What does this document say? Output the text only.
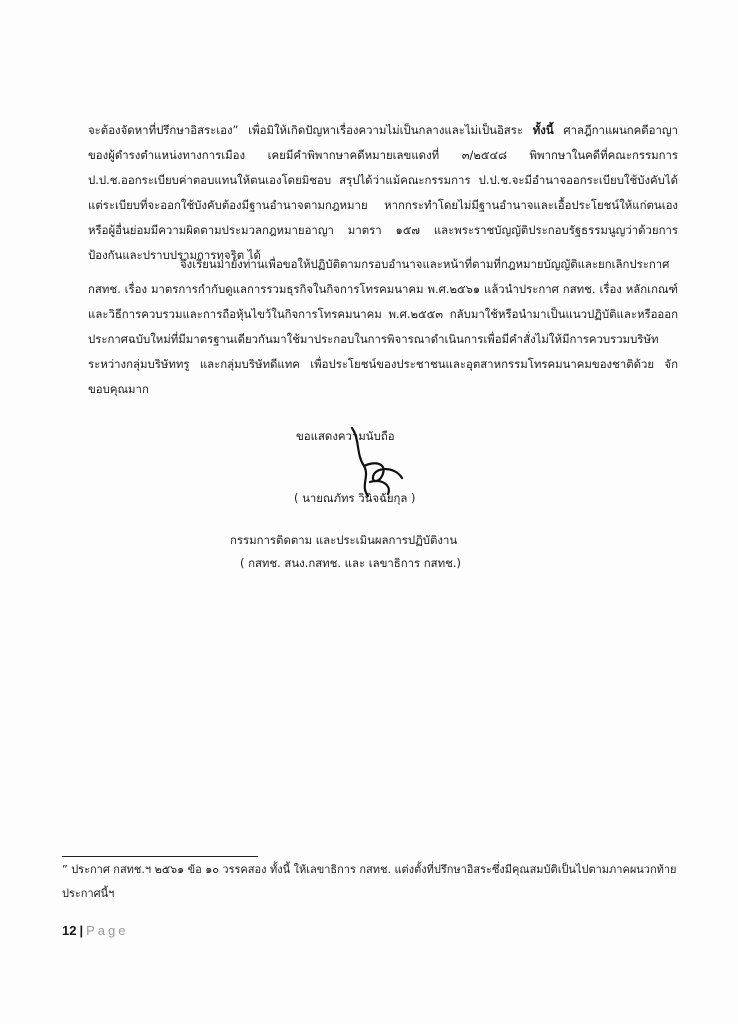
จะต้องจัดหาที่ปรึกษาอิสระเอง” เพื่อมิให้เกิดปัญหาเรื่องความไม่เป็นกลางและไม่เป็นอิสระ ทั้งนี้ ศาลฎีกาแผนกคดีอาญาของผู้ดำรงตำแหน่งทางการเมือง เคยมีคำพิพากษาคดีหมายเลขแดงที่ ๓/๒๕๔๘ พิพากษาในคดีที่คณะกรรมการ ป.ป.ช.ออกระเบียบค่าตอบแทนให้ตนเองโดยมิชอบ สรุปได้ว่าแม้คณะกรรมการ ป.ป.ช.จะมีอำนาจออกระเบียบใช้บังคับได้ แต่ระเบียบที่จะออกใช้บังคับต้องมีฐานอำนาจตามกฎหมาย หากกระทำโดยไม่มีฐานอำนาจและเอื้อประโยชน์ให้แก่ตนเองหรือผู้อื่นย่อมมีความผิดตามประมวลกฎหมายอาญา มาตรา ๑๕๗ และพระราชบัญญัติประกอบรัฐธรรมนูญว่าด้วยการป้องกันและปราบปรามการทุจริต ได้
จึงเรียนมายังท่านเพื่อขอให้ปฏิบัติตามกรอบอำนาจและหน้าที่ตามที่กฎหมายบัญญัติและยกเลิกประกาศ กสทช. เรื่อง มาตรการกำกับดูแลการรวมธุรกิจในกิจการโทรคมนาคม พ.ศ.๒๕๖๑ แล้วนำประกาศ กสทช. เรื่อง หลักเกณฑ์และวิธีการควบรวมและการถือหุ้นไขว้ในกิจการโทรคมนาคม พ.ศ.๒๕๕๓ กลับมาใช้หรือนำมาเป็นแนวปฏิบัติและหรือออกประกาศฉบับใหม่ที่มีมาตรฐานเดียวกันมาใช้มาประกอบในการพิจารณาดำเนินการเพื่อมีคำสั่งไม่ให้มีการควบรวมบริษัทระหว่างกลุ่มบริษัททรู และกลุ่มบริษัทดีแทค เพื่อประโยชน์ของประชาชนและอุตสาหกรรมโทรคมนาคมของชาติด้วย จักขอบคุณมาก
ขอแสดงความนับถือ
( นายณภัทร วินิจฉัยกุล )
กรรมการติดตาม และประเมินผลการปฏิบัติงาน
( กสทช. สนง.กสทช. และ เลขาธิการ กสทช.)
” ประกาศ กสทช.ฯ ๒๕๖๑ ข้อ ๑๐ วรรคสอง ทั้งนี้ ให้เลขาธิการ กสทช. แต่งตั้งที่ปรึกษาอิสระซึ่งมีคุณสมบัติเป็นไปตามภาคผนวกท้ายประกาศนี้ฯ
12 | Page
